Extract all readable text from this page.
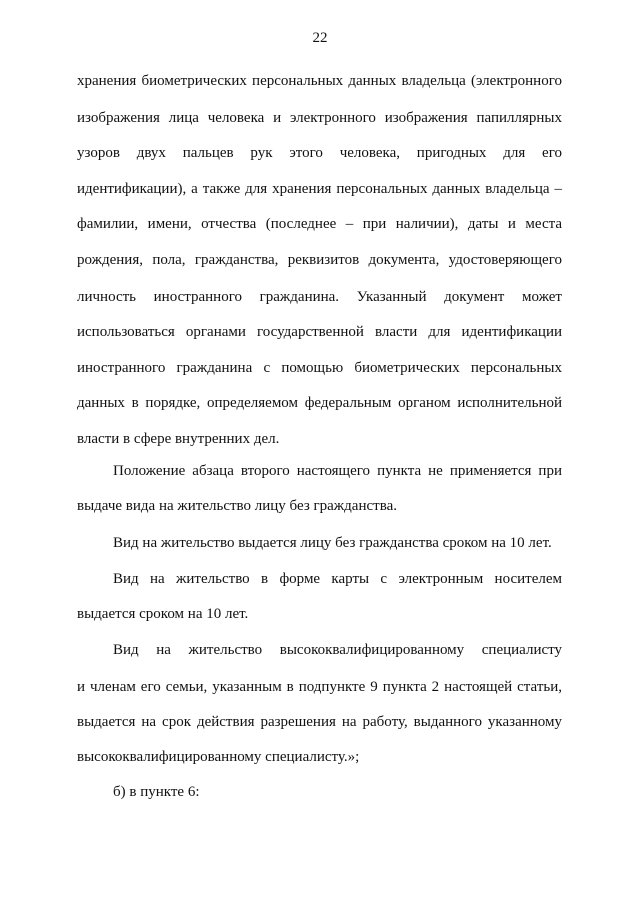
22
хранения биометрических персональных данных владельца (электронного
изображения лица человека и электронного изображения папиллярных
узоров двух пальцев рук этого человека, пригодных для его
идентификации), а также для хранения персональных данных владельца –
фамилии, имени, отчества (последнее – при наличии), даты и места
рождения, пола, гражданства, реквизитов документа, удостоверяющего
личность иностранного гражданина. Указанный документ может
использоваться органами государственной власти для идентификации
иностранного гражданина с помощью биометрических персональных
данных в порядке, определяемом федеральным органом исполнительной
власти в сфере внутренних дел.
Положение абзаца второго настоящего пункта не применяется при
выдаче вида на жительство лицу без гражданства.
Вид на жительство выдается лицу без гражданства сроком на 10 лет.
Вид на жительство в форме карты с электронным носителем
выдается сроком на 10 лет.
Вид на жительство высококвалифицированному специалисту
и членам его семьи, указанным в подпункте 9 пункта 2 настоящей статьи,
выдается на срок действия разрешения на работу, выданного указанному
высококвалифицированному специалисту.»;
б) в пункте 6:
